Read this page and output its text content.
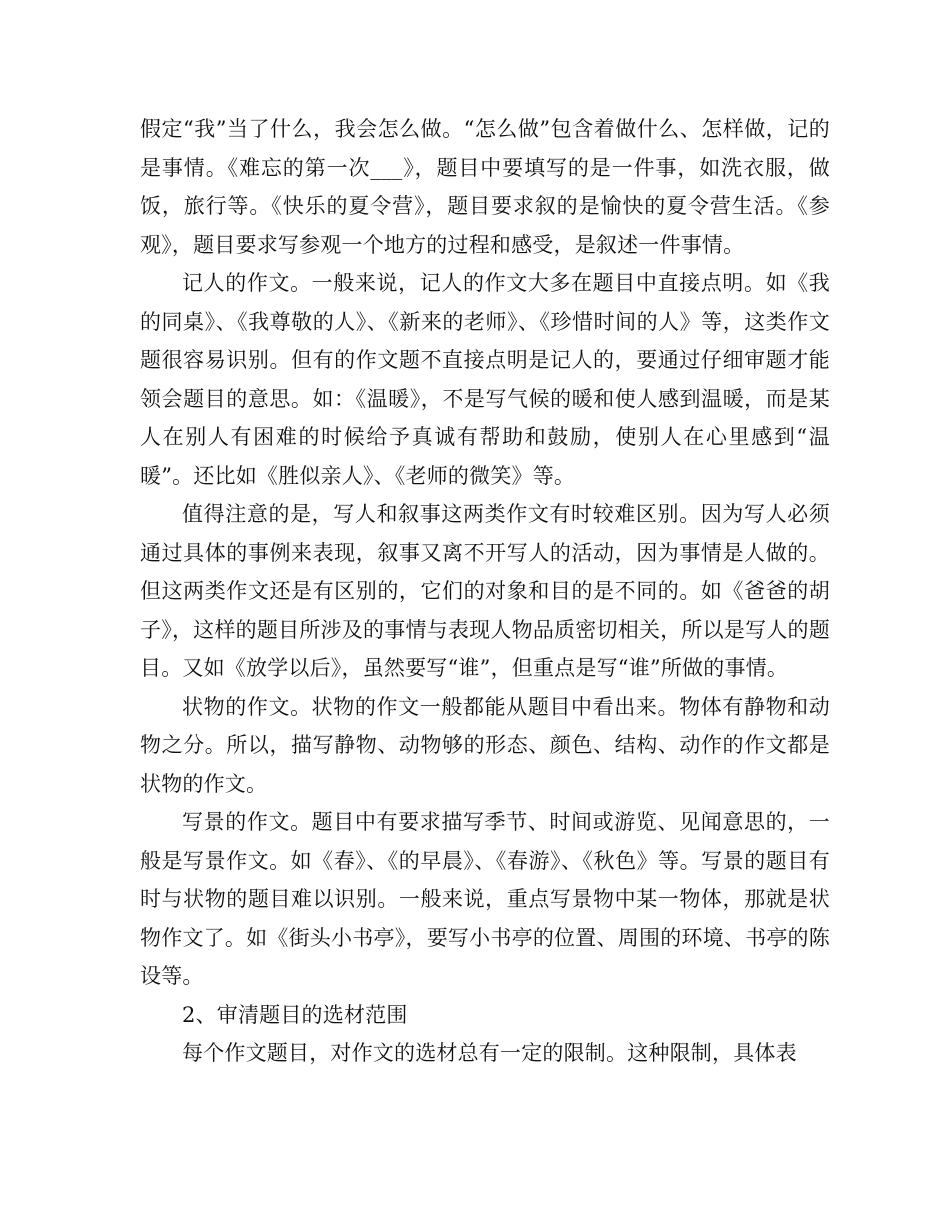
假定“我”当了什么，我会怎么做。“怎么做”包含着做什么、怎样做，记的是事情。《难忘的第一次___》，题目中要填写的是一件事，如洗衣服，做饭，旅行等。《快乐的夏令营》，题目要求叙的是愉快的夏令营生活。《参观》，题目要求写参观一个地方的过程和感受，是叙述一件事情。

记人的作文。一般来说，记人的作文大多在题目中直接点明。如《我的同桌》、《我尊敬的人》、《新来的老师》、《珍惜时间的人》等，这类作文题很容易识别。但有的作文题不直接点明是记人的，要通过仔细审题才能领会题目的意思。如：《温暖》，不是写气候的暖和使人感到温暖，而是某人在别人有困难的时候给予真诚有帮助和鼓励，使别人在心里感到“温暖”。还比如《胜似亲人》、《老师的微笑》等。

值得注意的是，写人和叙事这两类作文有时较难区别。因为写人必须通过具体的事例来表现，叙事又离不开写人的活动，因为事情是人做的。但这两类作文还是有区别的，它们的对象和目的是不同的。如《爸爸的胡子》，这样的题目所涉及的事情与表现人物品质密切相关，所以是写人的题目。又如《放学以后》，虽然要写“谁”，但重点是写“谁”所做的事情。

状物的作文。状物的作文一般都能从题目中看出来。物体有静物和动物之分。所以，描写静物、动物够的形态、颜色、结构、动作的作文都是状物的作文。

写景的作文。题目中有要求描写季节、时间或游览、见闻意思的，一般是写景作文。如《春》、《的早晨》、《春游》、《秋色》等。写景的题目有时与状物的题目难以识别。一般来说，重点写景物中某一物体，那就是状物作文了。如《街头小书亭》，要写小书亭的位置、周围的环境、书亭的陈设等。

2、审清题目的选材范围

每个作文题目，对作文的选材总有一定的限制。这种限制，具体表
